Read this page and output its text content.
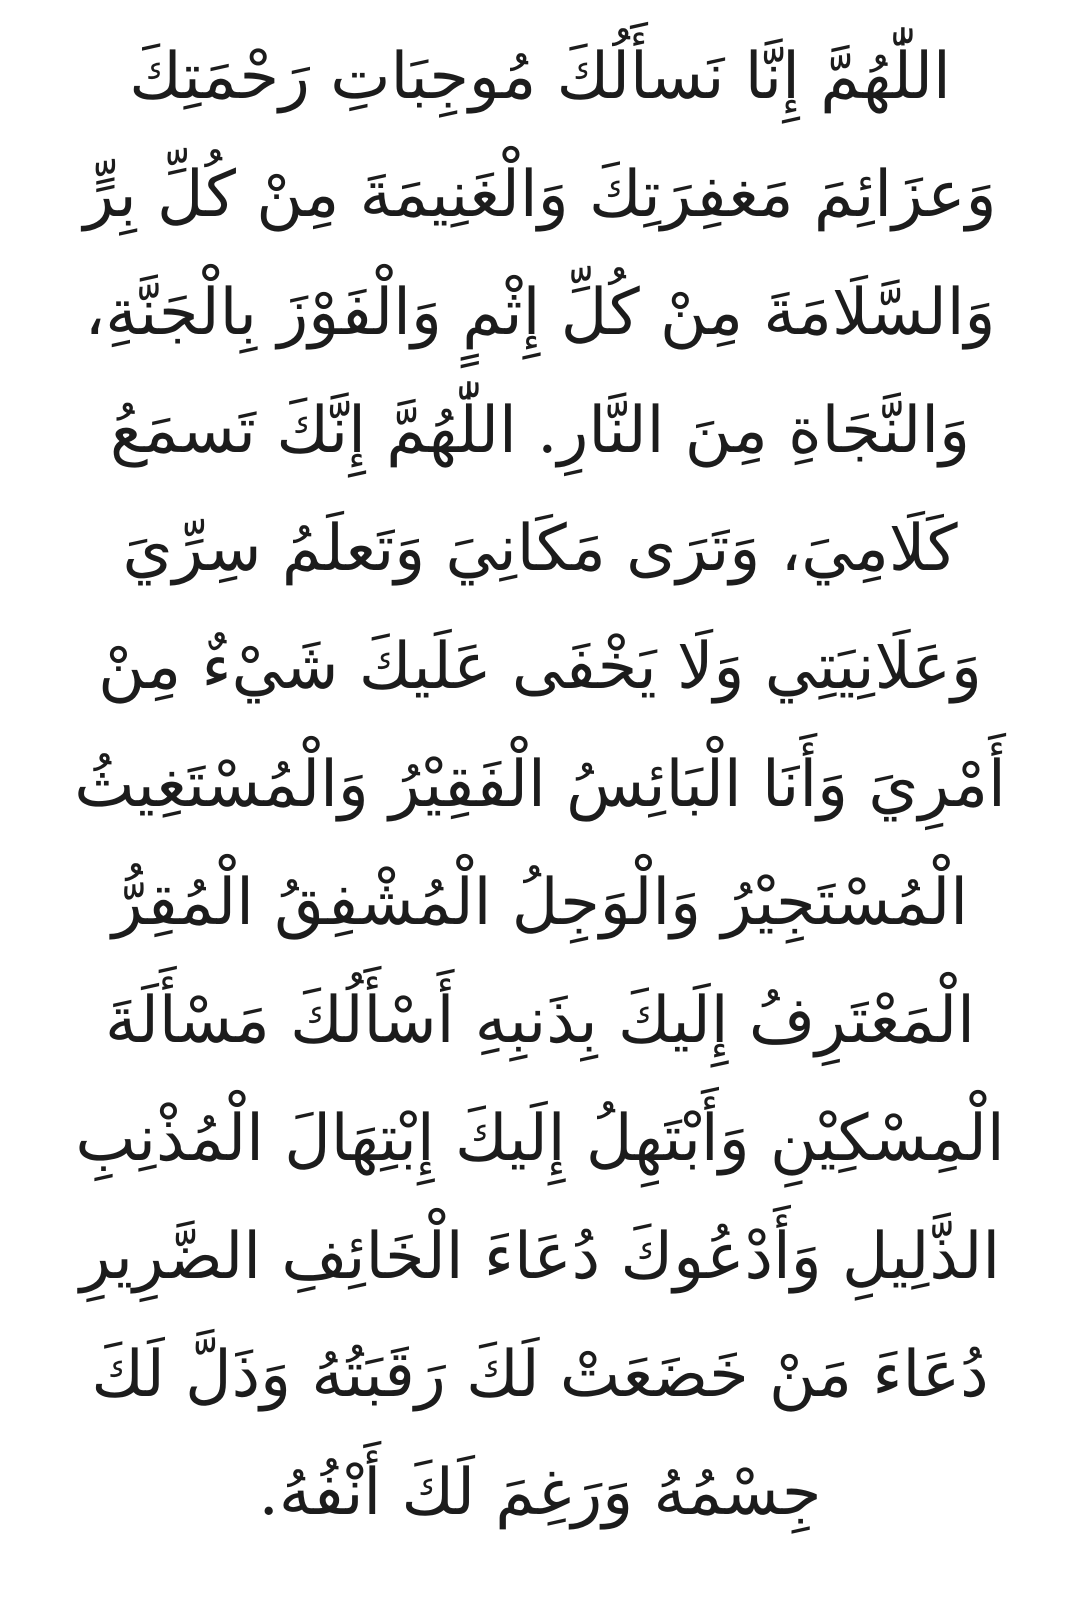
اللّٰهُمَّ إِنَّا نَسأَلُكَ مُوجِبَاتِ رَحْمَتِكَ
وَعزَائِمَ مَغفِرَتِكَ وَالْغَنِيمَةَ مِنْ كُلِّ بِرٍّ
وَالسَّلَامَةَ مِنْ كُلِّ إِثْمٍ وَالْفَوْزَ بِالْجَنَّةِ،
وَالنَّجَاةِ مِنَ النَّارِ. اللّٰهُمَّ إِنَّكَ تَسمَعُ
كَلَامِيَ، وَتَرَى مَكَانِيَ وَتَعلَمُ سِرِّيَ
وَعَلَانِيَتِي وَلَا يَخْفَى عَلَيكَ شَيْءٌ مِنْ
أَمْرِيَ وَأَنَا الْبَائِسُ الْفَقِيْرُ وَالْمُسْتَغِيثُ
الْمُسْتَجِيْرُ وَالْوَجِلُ الْمُشْفِقُ الْمُقِرُّ
الْمَعْتَرِفُ إِلَيكَ بِذَنبِهِ أَسْأَلُكَ مَسْأَلَةَ
الْمِسْكِيْنِ وَأَبْتَهِلُ إِلَيكَ إِبْتِهَالَ الْمُذْنِبِ
الذَّلِيلِ وَأَدْعُوكَ دُعَاءَ الْخَائِفِ الضَّرِيرِ
دُعَاءَ مَنْ خَضَعَتْ لَكَ رَقَبَتُهُ وَذَلَّ لَكَ
جِسْمُهُ وَرَغِمَ لَكَ أَنْفُهُ.
